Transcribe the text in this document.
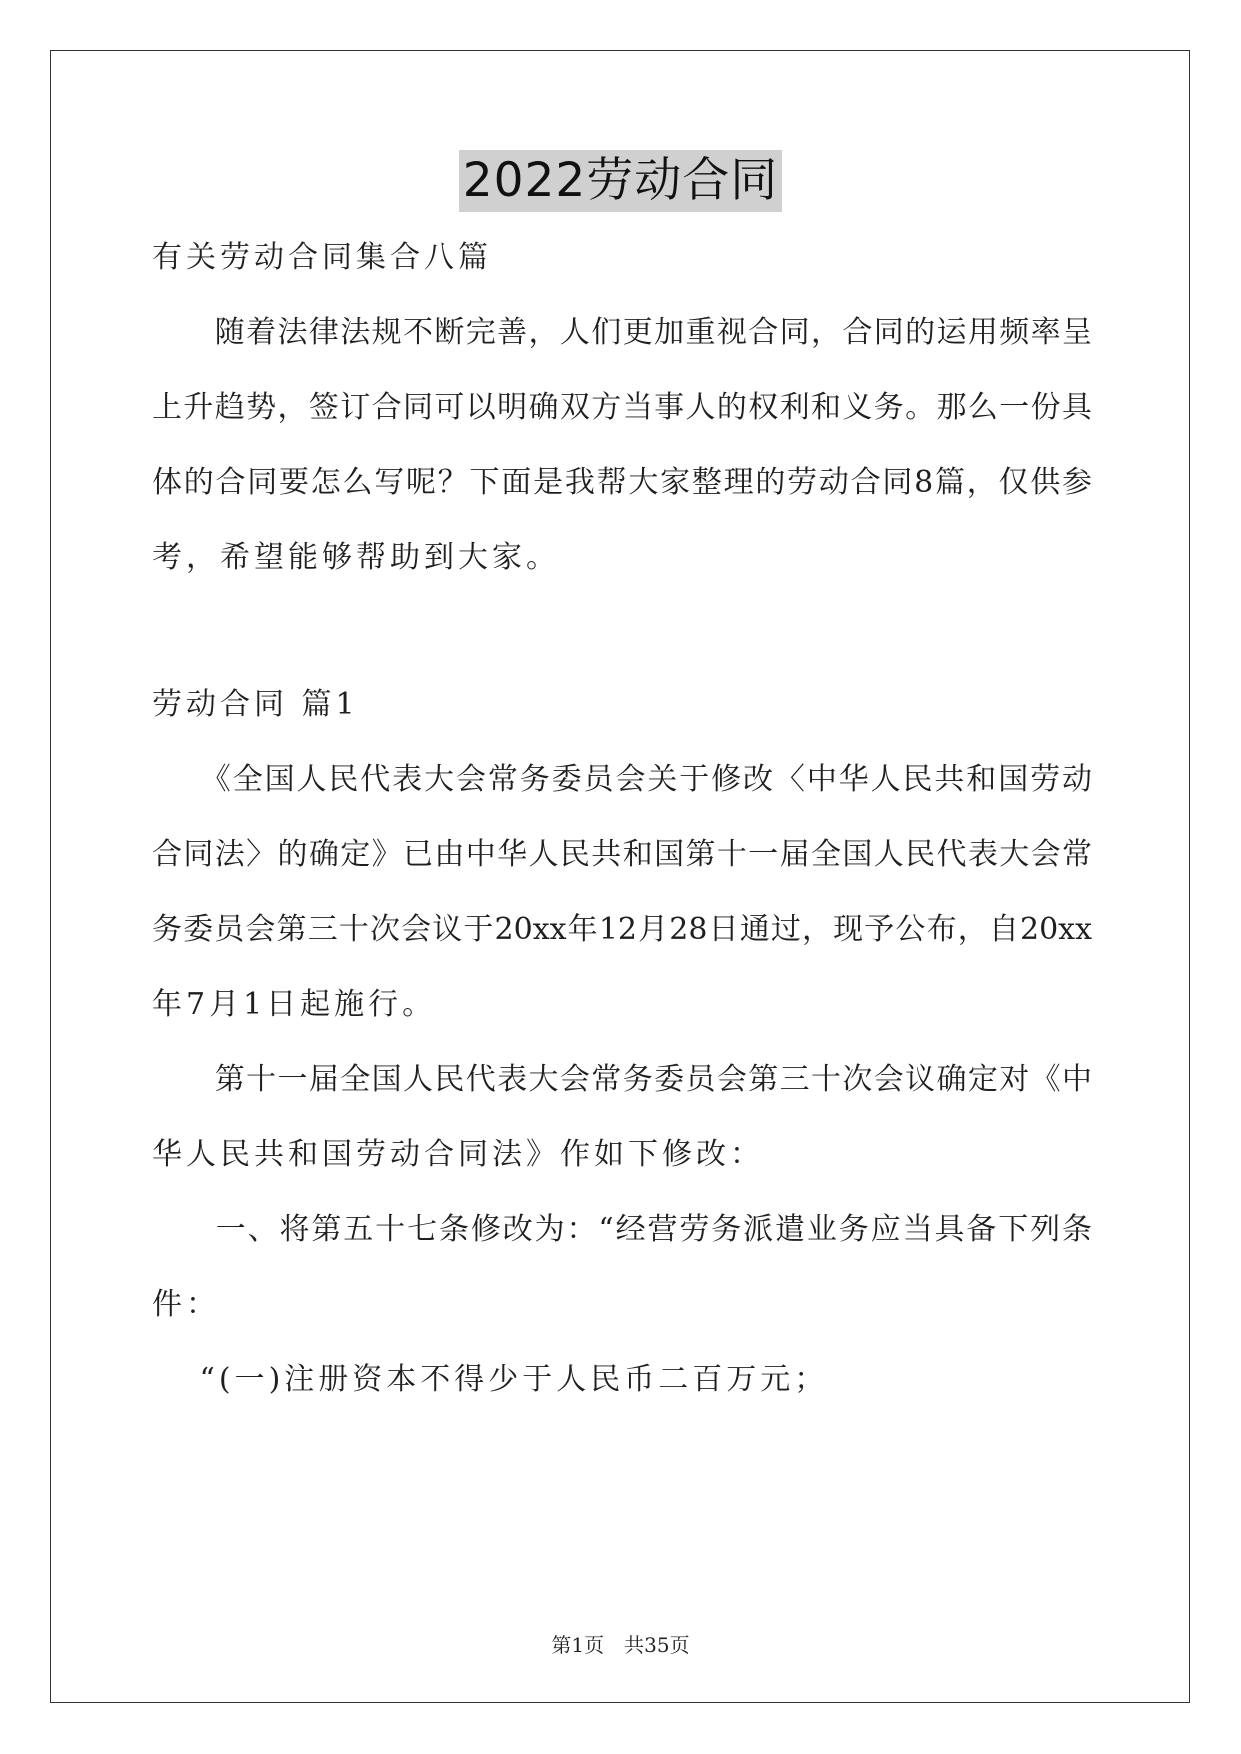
2022劳动合同
有关劳动合同集合八篇
　　随着法律法规不断完善，人们更加重视合同，合同的运用频率呈
上升趋势，签订合同可以明确双方当事人的权利和义务。那么一份具
体的合同要怎么写呢？下面是我帮大家整理的劳动合同8篇，仅供参
考，希望能够帮助到大家。
劳动合同 篇1
　　《全国人民代表大会常务委员会关于修改〈中华人民共和国劳动
合同法〉的确定》已由中华人民共和国第十一届全国人民代表大会常
务委员会第三十次会议于20xx年12月28日通过，现予公布，自20xx
年7月1日起施行。
　　第十一届全国人民代表大会常务委员会第三十次会议确定对《中
华人民共和国劳动合同法》作如下修改：
　　一、将第五十七条修改为：“经营劳务派遣业务应当具备下列条
件：
　 “(一)注册资本不得少于人民币二百万元；
第1页　共35页
